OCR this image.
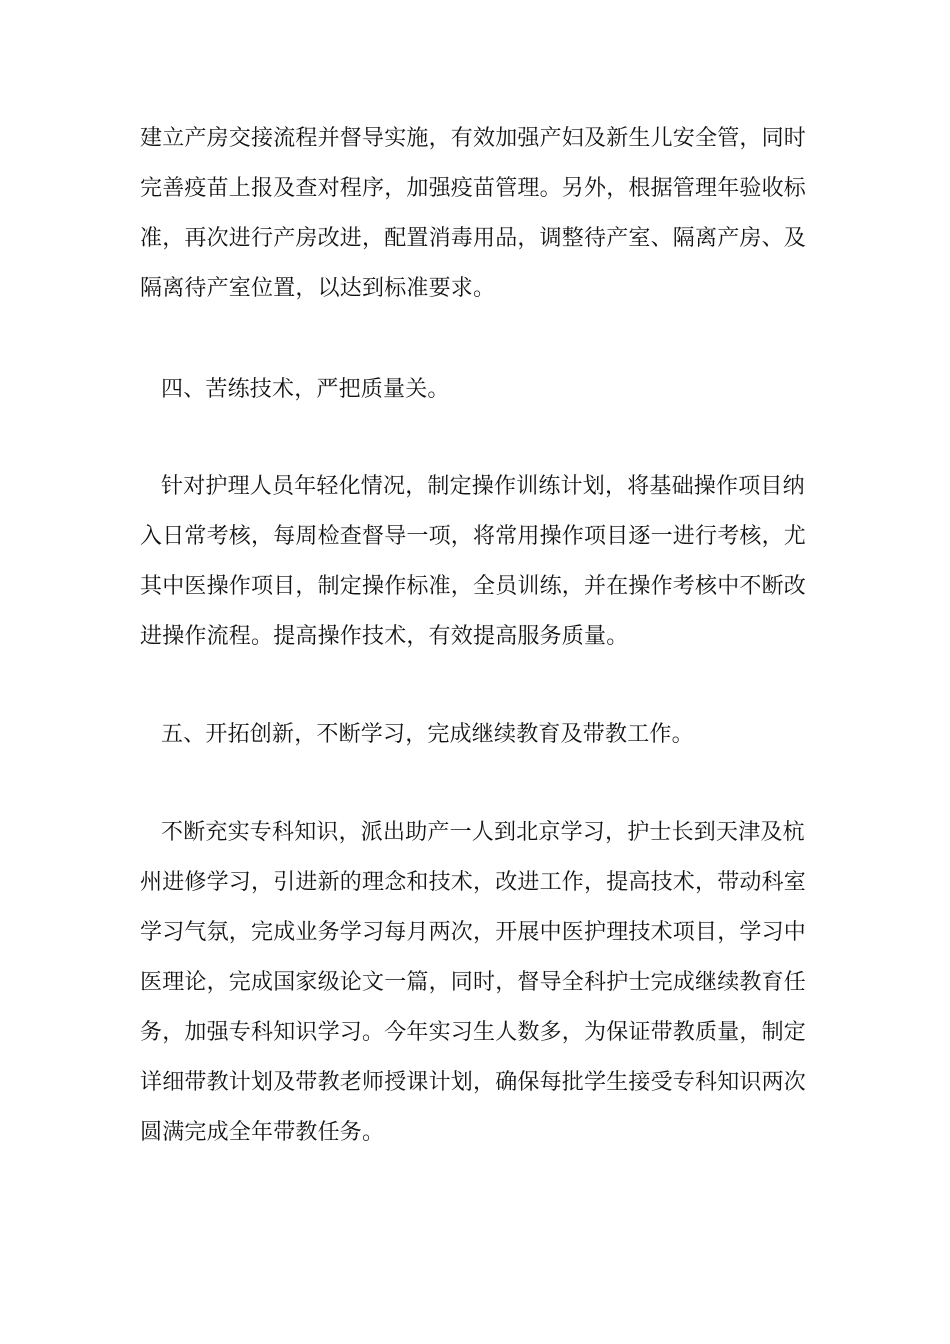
建立产房交接流程并督导实施，有效加强产妇及新生儿安全管，同时
完善疫苗上报及查对程序，加强疫苗管理。另外，根据管理年验收标
准，再次进行产房改进，配置消毒用品，调整待产室、隔离产房、及
隔离待产室位置，以达到标准要求。
四、苦练技术，严把质量关。
针对护理人员年轻化情况，制定操作训练计划，将基础操作项目纳
入日常考核，每周检查督导一项，将常用操作项目逐一进行考核，尤
其中医操作项目，制定操作标准，全员训练，并在操作考核中不断改
进操作流程。提高操作技术，有效提高服务质量。
五、开拓创新，不断学习，完成继续教育及带教工作。
不断充实专科知识，派出助产一人到北京学习，护士长到天津及杭
州进修学习，引进新的理念和技术，改进工作，提高技术，带动科室
学习气氛，完成业务学习每月两次，开展中医护理技术项目，学习中
医理论，完成国家级论文一篇，同时，督导全科护士完成继续教育任
务，加强专科知识学习。今年实习生人数多，为保证带教质量，制定
详细带教计划及带教老师授课计划，确保每批学生接受专科知识两次
圆满完成全年带教任务。
